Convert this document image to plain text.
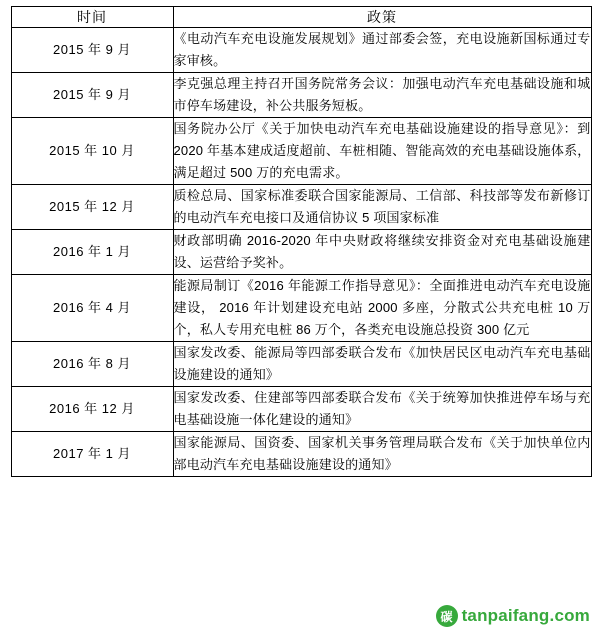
时间	政策
2015 年 9 月	《电动汽车充电设施发展规划》通过部委会签，充电设施新国标通过专家审核。

2015 年 9 月	李克强总理主持召开国务院常务会议：加强电动汽车充电基础设施和城市停车场建设，补公共服务短板。

2015 年 10 月	国务院办公厅《关于加快电动汽车充电基础设施建设的指导意见》：到 2020 年基本建成适度超前、车桩相随、智能高效的充电基础设施体系，满足超过 500 万的充电需求。

2015 年 12 月	质检总局、国家标准委联合国家能源局、工信部、科技部等发布新修订的电动汽车充电接口及通信协议 5 项国家标准

2016 年 1 月	财政部明确 2016-2020 年中央财政将继续安排资金对充电基础设施建设、运营给予奖补。

2016 年 4 月	能源局制订《2016 年能源工作指导意见》：全面推进电动汽车充电设施建设， 2016 年计划建设充电站 2000 多座，分散式公共充电桩 10 万个，私人专用充电桩 86 万个，各类充电设施总投资 300 亿元

2016 年 8 月	国家发改委、能源局等四部委联合发布《加快居民区电动汽车充电基础设施建设的通知》

2016 年 12 月	国家发改委、住建部等四部委联合发布《关于统筹加快推进停车场与充电基础设施一体化建设的通知》

2017 年 1 月	国家能源局、国资委、国家机关事务管理局联合发布《关于加快单位内部电动汽车充电基础设施建设的通知》

碳 tanpaifang.com
